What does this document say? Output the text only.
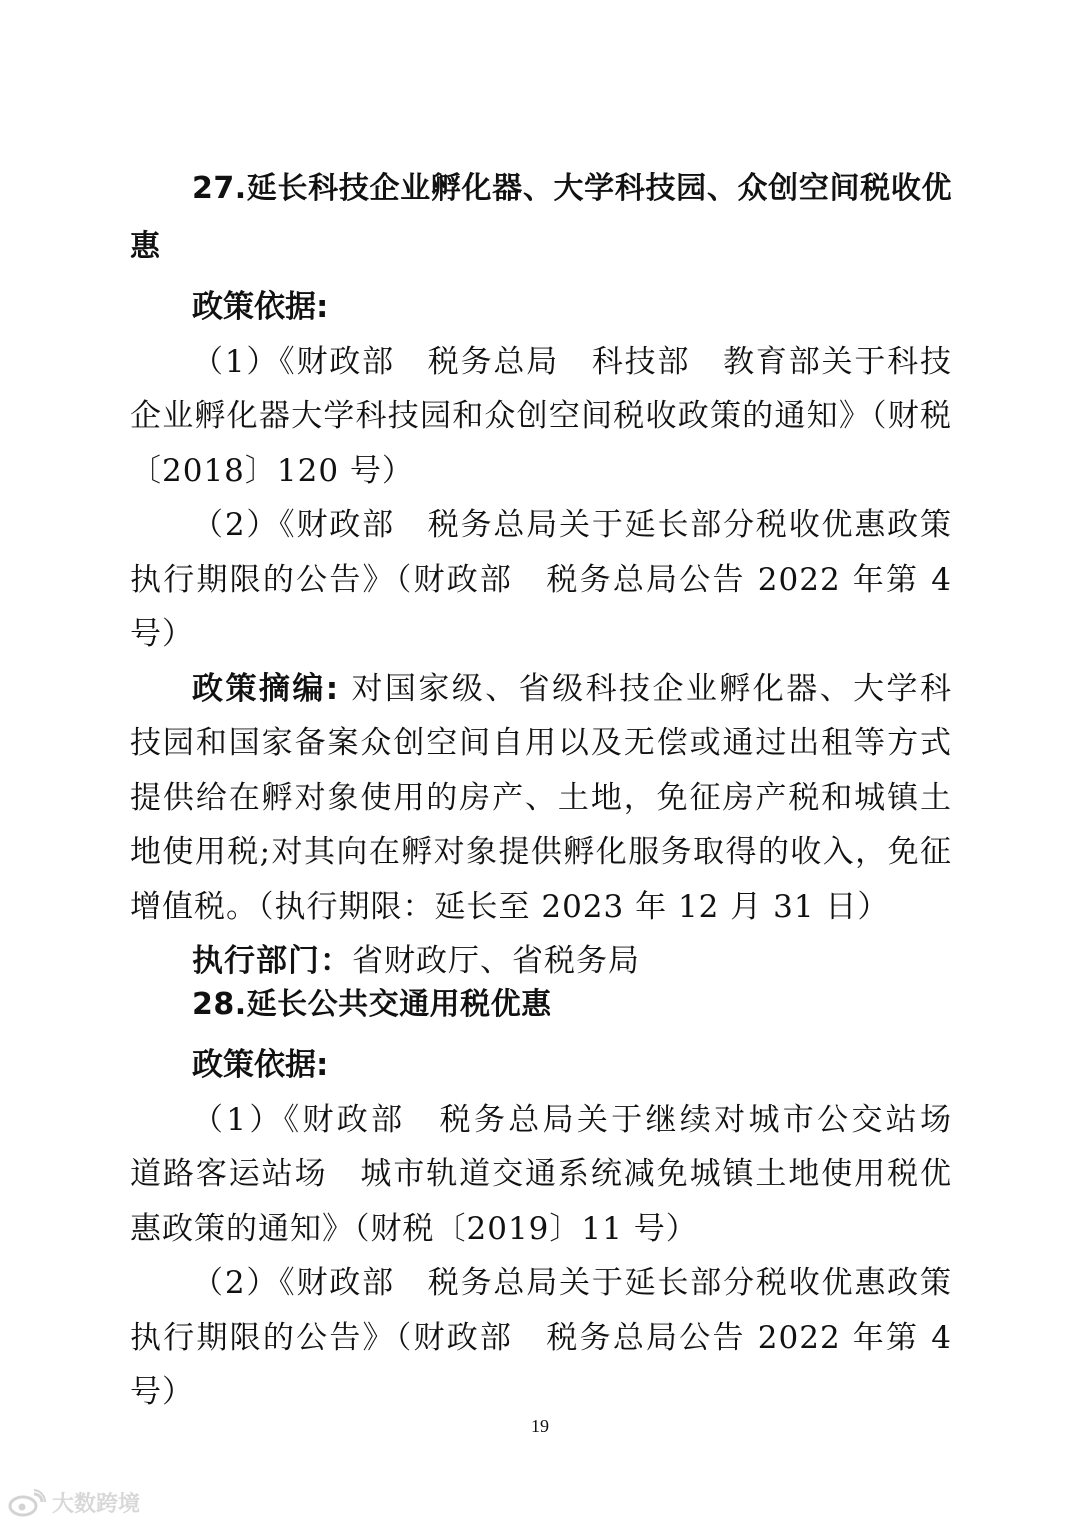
27.延长科技企业孵化器、大学科技园、众创空间税收优惠

政策依据:

（1）《财政部　税务总局　科技部　教育部关于科技企业孵化器大学科技园和众创空间税收政策的通知》（财税〔2018〕120 号）

（2）《财政部　税务总局关于延长部分税收优惠政策执行期限的公告》（财政部　税务总局公告 2022 年第 4 号）

政策摘编: 对国家级、省级科技企业孵化器、大学科技园和国家备案众创空间自用以及无偿或通过出租等方式提供给在孵对象使用的房产、土地，免征房产税和城镇土地使用税;对其向在孵对象提供孵化服务取得的收入，免征增值税。（执行期限：延长至 2023 年 12 月 31 日）

执行部门：省财政厅、省税务局

28.延长公共交通用税优惠

政策依据:

（1）《财政部　税务总局关于继续对城市公交站场　道路客运站场　城市轨道交通系统减免城镇土地使用税优惠政策的通知》（财税〔2019〕11 号）

（2）《财政部　税务总局关于延长部分税收优惠政策执行期限的公告》（财政部　税务总局公告 2022 年第 4 号）

19
大数跨境
